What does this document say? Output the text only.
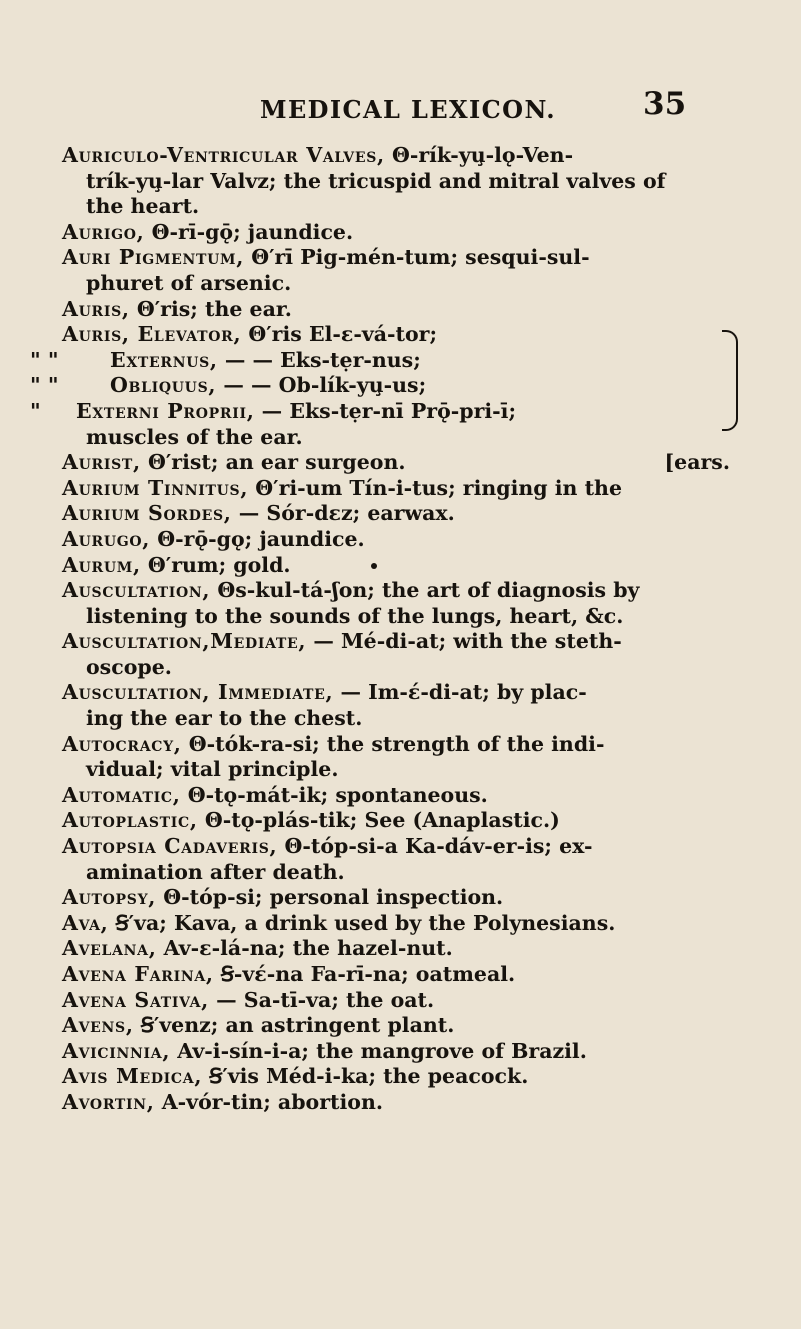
MEDICAL LEXICON.	35
Auriculo-Ventricular Valves, Θ-rík-yu̧-lǫ-Ven-
trík-yu̧-lar Valvz; the tricuspid and mitral valves of
the heart.
Aurigo, Θ-rī-gǭ; jaundice.
Auri Pigmentum, Θ′rī Pig-mén-tum; sesqui-sul-
phuret of arsenic.
Auris, Θ′ris; the ear.
Auris, Elevator, Θ′ris El-ε-vá-tor;
" "	Externus, — — Eks-tẹr-nus;
" "	Obliquus, — — Ob-lík-yu̧-us;
" Externi Proprii, — Eks-tẹr-nī Prǭ-pri-ī;
muscles of the ear.
Aurist, Θ′rist; an ear surgeon.	[ears.
Aurium Tinnitus, Θ′ri-um Tín-i-tus; ringing in the
Aurium Sordes, — Sór-dεz; earwax.
Aurugo, Θ-rǭ-gǫ; jaundice.
Aurum, Θ′rum; gold.
Auscultation, Θs-kul-tá-ʃon; the art of diagnosis by
listening to the sounds of the lungs, heart, &c.
Auscultation,Mediate, — Mé-di-at; with the steth-
oscope.
Auscultation, Immediate, — Im-έ-di-at; by plac-
ing the ear to the chest.
Autocracy, Θ-tók-ra-si; the strength of the indi-
vidual; vital principle.
Automatic, Θ-tǫ-mát-ik; spontaneous.
Autoplastic, Θ-tǫ-plás-tik; See (Anaplastic.)
Autopsia Cadaveris, Θ-tóp-si-a Ka-dáv-er-is; ex-
amination after death.
Autopsy, Θ-tóp-si; personal inspection.
Ava, Ꞩ′va; Kava, a drink used by the Polynesians.
Avelana, Av-ε-lá-na; the hazel-nut.
Avena Farina, Ꞩ-vέ-na Fa-rī-na; oatmeal.
Avena Sativa, — Sa-tī-va; the oat.
Avens, Ꞩ′venz; an astringent plant.
Avicinnia, Av-i-sín-i-a; the mangrove of Brazil.
Avis Medica, Ꞩ′vis Méd-i-ka; the peacock.
Avortin, A-vór-tin; abortion.
